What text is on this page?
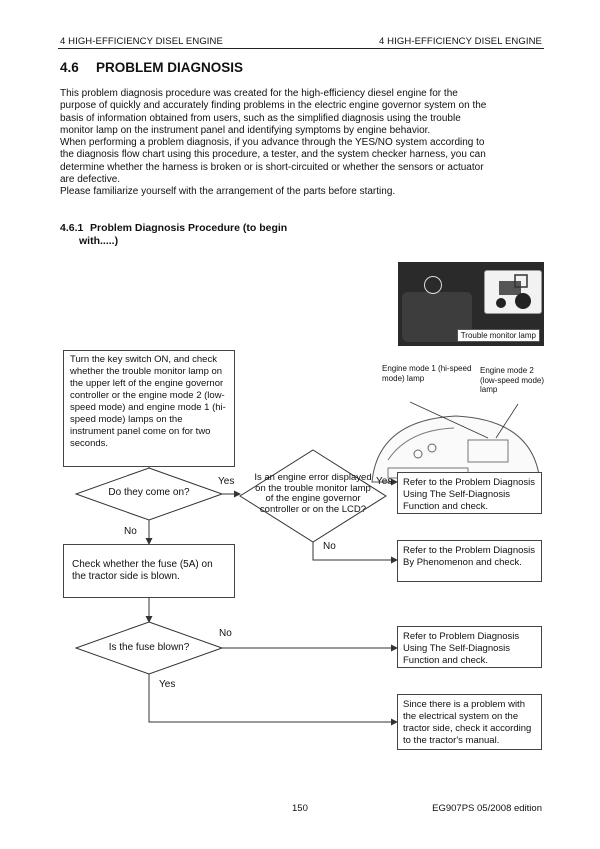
4 HIGH-EFFICIENCY DISEL ENGINE	4 HIGH-EFFICIENCY DISEL ENGINE
4.6 PROBLEM DIAGNOSIS

This problem diagnosis procedure was created for the high-efficiency diesel engine for the purpose of quickly and accurately finding problems in the electric engine governor system on the basis of information obtained from users, such as the simplified diagnosis using the trouble monitor lamp on the instrument panel and identifying symptoms by engine behavior.

When performing a problem diagnosis, if you advance through the YES/NO system according to the diagnosis flow chart using this procedure, a tester, and the system checker harness, you can determine whether the harness is broken or is short-circuited or whether the sensors or actuator are defective.

Please familiarize yourself with the arrangement of the parts before starting.

4.6.1 Problem Diagnosis Procedure (to begin
with.....)
Trouble monitor lamp
Engine mode 1 (hi-speed mode) lamp
Engine mode 2 (low-speed mode) lamp
Turn the key switch ON, and check whether the trouble monitor lamp on the upper left of the engine governor controller or the engine mode 2 (low-speed mode) and engine mode 1 (hi-speed mode) lamps on the instrument panel come on for two seconds.
Do they come on?
Yes
No
Is an engine error displayed on the trouble monitor lamp of the engine governor controller or on the LCD?
Yes
No
Refer to the Problem Diagnosis Using The Self-Diagnosis Function and check.
Refer to the Problem Diagnosis By Phenomenon and check.
Check whether the fuse (5A) on the tractor side is blown.
Is the fuse blown?
No
Yes
Refer to Problem Diagnosis Using The Self-Diagnosis Function and check.
Since there is a problem with the electrical system on the tractor side, check it according to the tractor's manual.
150	EG907PS 05/2008 edition
